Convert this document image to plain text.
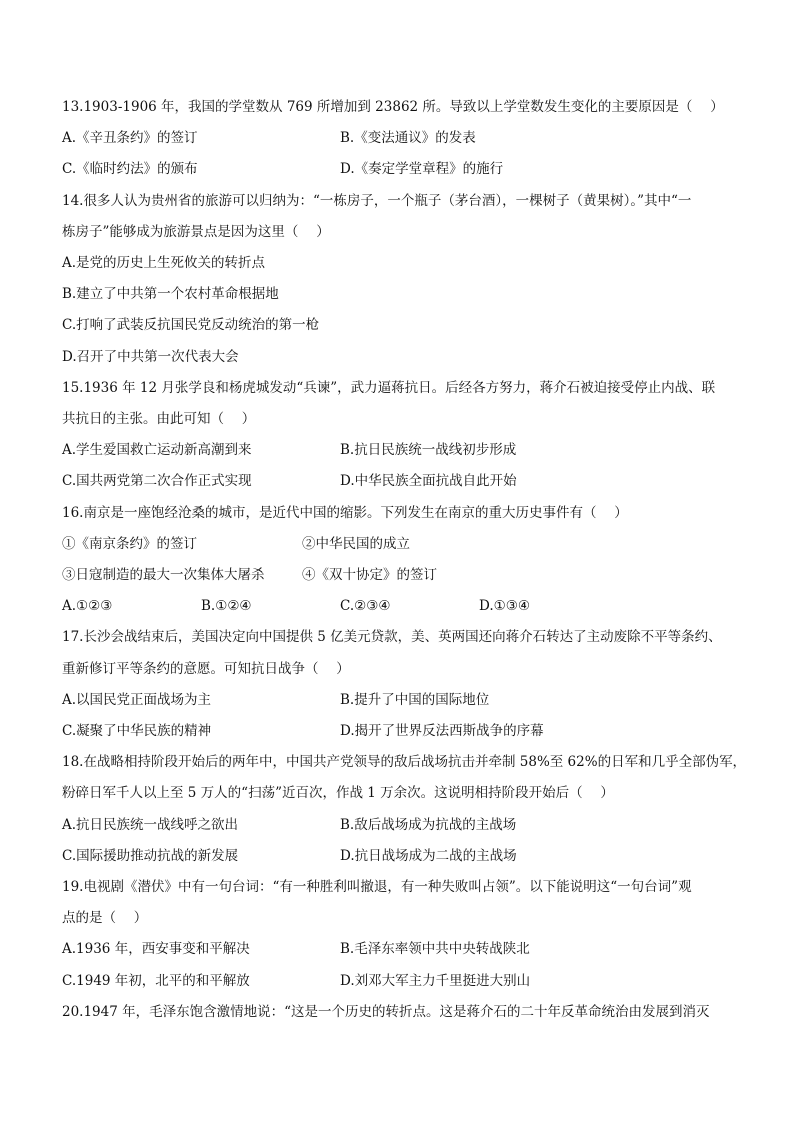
13.1903-1906 年，我国的学堂数从 769 所增加到 23862 所。导致以上学堂数发生变化的主要原因是（　 ）
A.《辛丑条约》的签订	B.《变法通议》的发表
C.《临时约法》的颁布	D.《奏定学堂章程》的施行
14.很多人认为贵州省的旅游可以归纳为：“一栋房子，一个瓶子（茅台酒），一棵树子（黄果树）。”其中“一
栋房子”能够成为旅游景点是因为这里（　 ）
A.是党的历史上生死攸关的转折点
B.建立了中共第一个农村革命根据地
C.打响了武装反抗国民党反动统治的第一枪
D.召开了中共第一次代表大会
15.1936 年 12 月张学良和杨虎城发动“兵谏”，武力逼蒋抗日。后经各方努力，蒋介石被迫接受停止内战、联
共抗日的主张。由此可知（　 ）
A.学生爱国救亡运动新高潮到来	B.抗日民族统一战线初步形成
C.国共两党第二次合作正式实现	D.中华民族全面抗战自此开始
16.南京是一座饱经沧桑的城市，是近代中国的缩影。下列发生在南京的重大历史事件有（　 ）
①《南京条约》的签订	②中华民国的成立
③日寇制造的最大一次集体大屠杀	④《双十协定》的签订
A.①②③	B.①②④	C.②③④	D.①③④
17.长沙会战结束后，美国决定向中国提供 5 亿美元贷款，美、英两国还向蒋介石转达了主动废除不平等条约、
重新修订平等条约的意愿。可知抗日战争（　 ）
A.以国民党正面战场为主	B.提升了中国的国际地位
C.凝聚了中华民族的精神	D.揭开了世界反法西斯战争的序幕
18.在战略相持阶段开始后的两年中，中国共产党领导的敌后战场抗击并牵制 58%至 62%的日军和几乎全部伪军，
粉碎日军千人以上至 5 万人的“扫荡”近百次，作战 1 万余次。这说明相持阶段开始后（　 ）
A.抗日民族统一战线呼之欲出	B.敌后战场成为抗战的主战场
C.国际援助推动抗战的新发展	D.抗日战场成为二战的主战场
19.电视剧《潜伏》中有一句台词：“有一种胜利叫撤退，有一种失败叫占领”。以下能说明这“一句台词”观
点的是（　 ）
A.1936 年，西安事变和平解决	B.毛泽东率领中共中央转战陕北
C.1949 年初，北平的和平解放	D.刘邓大军主力千里挺进大别山
20.1947 年，毛泽东饱含激情地说：“这是一个历史的转折点。这是蒋介石的二十年反革命统治由发展到消灭
